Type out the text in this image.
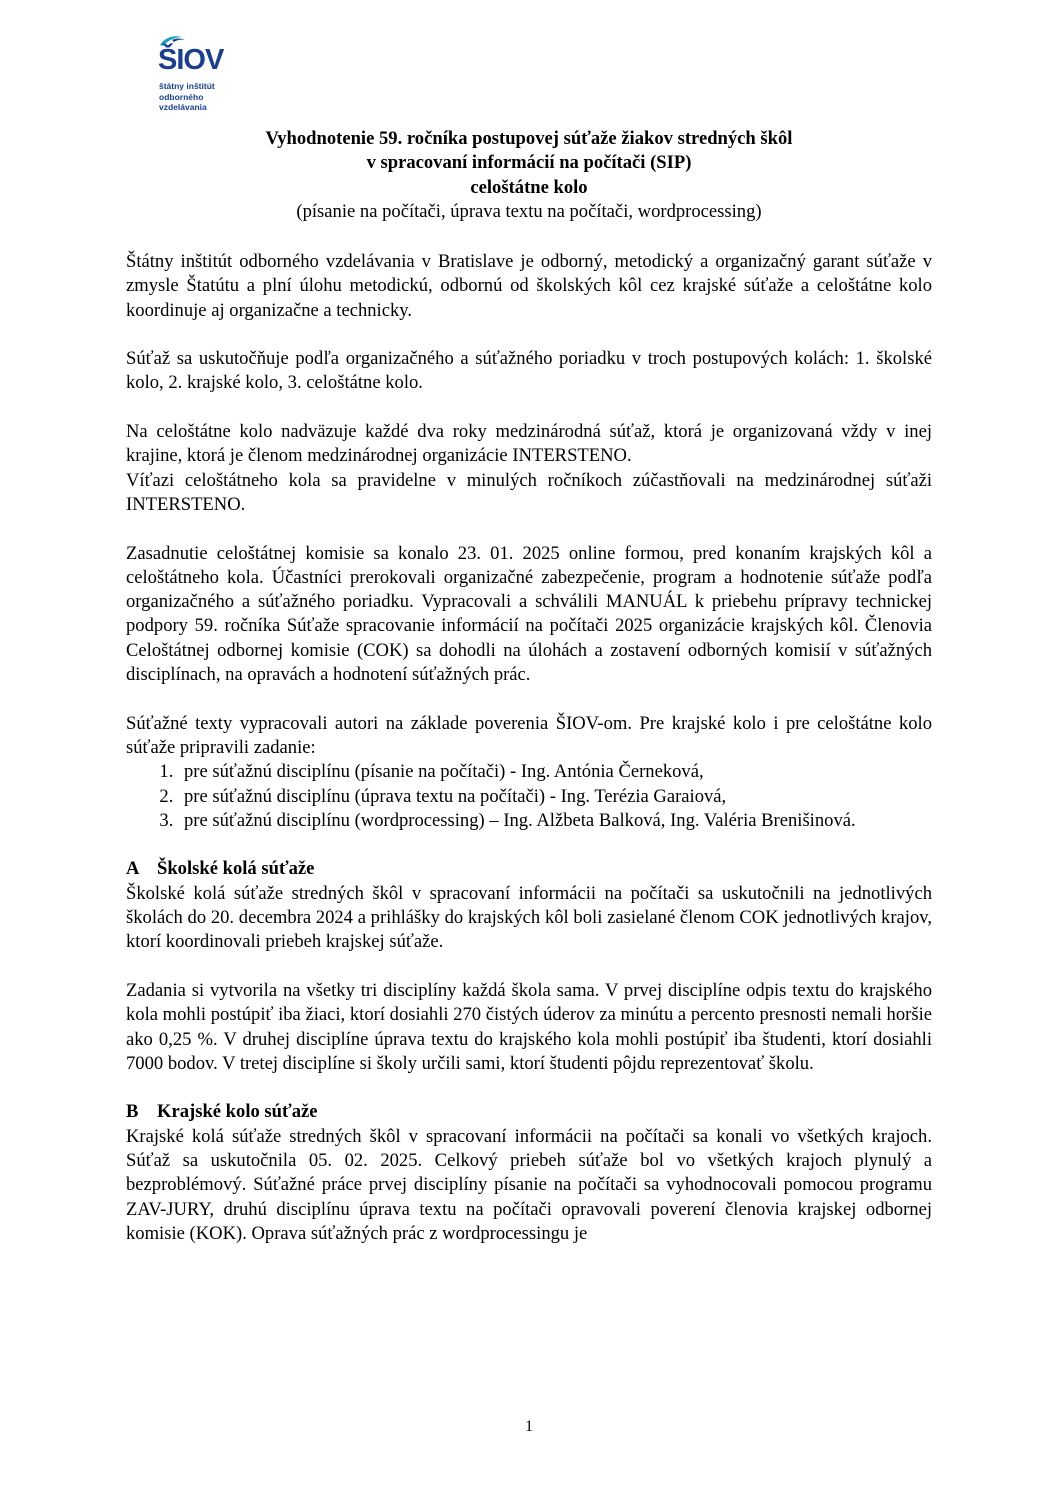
ŠIOV
štátny inštitút
odborného
vzdelávania
Vyhodnotenie 59. ročníka postupovej súťaže žiakov stredných škôl
v spracovaní informácií na počítači (SIP)
celoštátne kolo
(písanie na počítači, úprava textu na počítači, wordprocessing)

Štátny inštitút odborného vzdelávania v Bratislave je odborný, metodický a organizačný garant súťaže v zmysle Štatútu a plní úlohu metodickú, odbornú od školských kôl cez krajské súťaže a celoštátne kolo koordinuje aj organizačne a technicky.

Súťaž sa uskutočňuje podľa organizačného a súťažného poriadku v troch postupových kolách: 1. školské kolo, 2. krajské kolo, 3. celoštátne kolo.

Na celoštátne kolo nadväzuje každé dva roky medzinárodná súťaž, ktorá je organizovaná vždy v inej krajine, ktorá je členom medzinárodnej organizácie INTERSTENO.

Víťazi celoštátneho kola sa pravidelne v minulých ročníkoch zúčastňovali na medzinárodnej súťaži INTERSTENO.

Zasadnutie celoštátnej komisie sa konalo 23. 01. 2025 online formou, pred konaním krajských kôl a celoštátneho kola. Účastníci prerokovali organizačné zabezpečenie, program a hodnotenie súťaže podľa organizačného a súťažného poriadku. Vypracovali a schválili MANUÁL k priebehu prípravy technickej podpory 59. ročníka Súťaže spracovanie informácií na počítači 2025 organizácie krajských kôl. Členovia Celoštátnej odbornej komisie (COK) sa dohodli na úlohách a zostavení odborných komisií v súťažných disciplínach, na opravách a hodnotení súťažných prác.

Súťažné texty vypracovali autori na základe poverenia ŠIOV-om. Pre krajské kolo i pre celoštátne kolo súťaže pripravili zadanie:

1. pre súťažnú disciplínu (písanie na počítači) - Ing. Antónia Černeková,
2. pre súťažnú disciplínu (úprava textu na počítači) - Ing. Terézia Garaiová,
3. pre súťažnú disciplínu (wordprocessing) – Ing. Alžbeta Balková, Ing. Valéria Brenišinová.
A Školské kolá súťaže

Školské kolá súťaže stredných škôl v spracovaní informácii na počítači sa uskutočnili na jednotlivých školách do 20. decembra 2024 a prihlášky do krajských kôl boli zasielané členom COK jednotlivých krajov, ktorí koordinovali priebeh krajskej súťaže.

Zadania si vytvorila na všetky tri disciplíny každá škola sama. V prvej disciplíne odpis textu do krajského kola mohli postúpiť iba žiaci, ktorí dosiahli 270 čistých úderov za minútu a percento presnosti nemali horšie ako 0,25 %. V druhej disciplíne úprava textu do krajského kola mohli postúpiť iba študenti, ktorí dosiahli 7000 bodov. V tretej disciplíne si školy určili sami, ktorí študenti pôjdu reprezentovať školu.

B Krajské kolo súťaže

Krajské kolá súťaže stredných škôl v spracovaní informácii na počítači sa konali vo všetkých krajoch. Súťaž sa uskutočnila 05. 02. 2025. Celkový priebeh súťaže bol vo všetkých krajoch plynulý a bezproblémový. Súťažné práce prvej disciplíny písanie na počítači sa vyhodnocovali pomocou programu ZAV-JURY, druhú disciplínu úprava textu na počítači opravovali poverení členovia krajskej odbornej komisie (KOK). Oprava súťažných prác z wordprocessingu je

1
